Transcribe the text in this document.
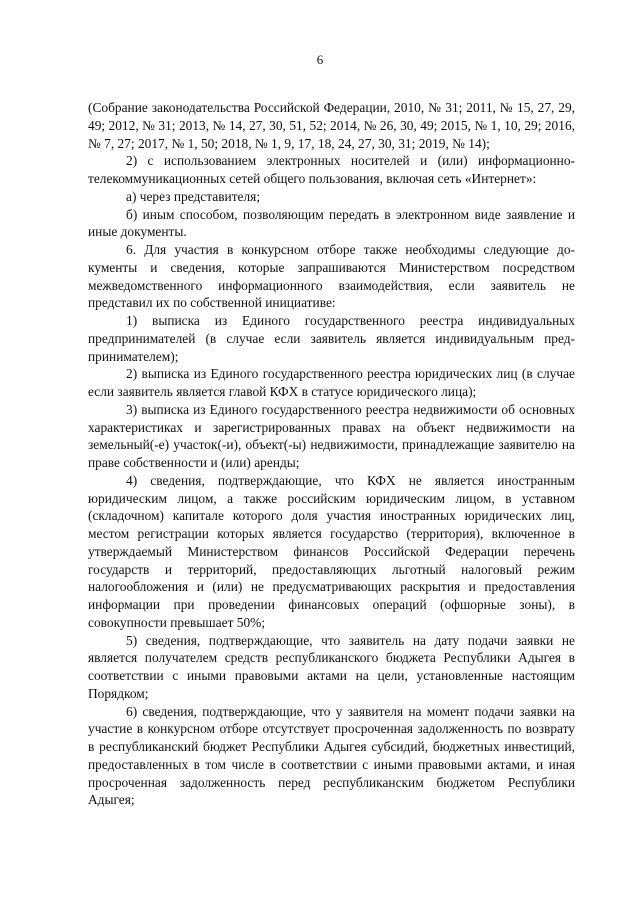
6

(Собрание законодательства Российской Федерации, 2010, № 31; 2011, № 15, 27, 29, 49; 2012, № 31; 2013, № 14, 27, 30, 51, 52; 2014, № 26, 30, 49; 2015, № 1, 10, 29; 2016, № 7, 27; 2017, № 1, 50; 2018, № 1, 9, 17, 18, 24, 27, 30, 31; 2019, № 14);

2) с использованием электронных носителей и (или) информационно-телекоммуникационных сетей общего пользования, включая сеть «Интернет»:

а) через представителя;

б) иным способом, позволяющим передать в электронном виде заявление и иные документы.

6. Для участия в конкурсном отборе также необходимы следующие документы и сведения, которые запрашиваются Министерством посредством межведомственного информационного взаимодействия, если заявитель не представил их по собственной инициативе:

1) выписка из Единого государственного реестра индивидуальных предпринимателей (в случае если заявитель является индивидуальным предпринимателем);

2) выписка из Единого государственного реестра юридических лиц (в случае если заявитель является главой КФХ в статусе юридического лица);

3) выписка из Единого государственного реестра недвижимости об основных характеристиках и зарегистрированных правах на объект недвижимости на земельный(-е) участок(-и), объект(-ы) недвижимости, принадлежащие заявителю на праве собственности и (или) аренды;

4) сведения, подтверждающие, что КФХ не является иностранным юридическим лицом, а также российским юридическим лицом, в уставном (складочном) капитале которого доля участия иностранных юридических лиц, местом регистрации которых является государство (территория), включенное в утверждаемый Министерством финансов Российской Федерации перечень государств и территорий, предоставляющих льготный налоговый режим налогообложения и (или) не предусматривающих раскрытия и предоставления информации при проведении финансовых операций (офшорные зоны), в совокупности превышает 50%;

5) сведения, подтверждающие, что заявитель на дату подачи заявки не является получателем средств республиканского бюджета Республики Адыгея в соответствии с иными правовыми актами на цели, установленные настоящим Порядком;

6) сведения, подтверждающие, что у заявителя на момент подачи заявки на участие в конкурсном отборе отсутствует просроченная задолженность по возврату в республиканский бюджет Республики Адыгея субсидий, бюджетных инвестиций, предоставленных в том числе в соответствии с иными правовыми актами, и иная просроченная задолженность перед республиканским бюджетом Республики Адыгея;
